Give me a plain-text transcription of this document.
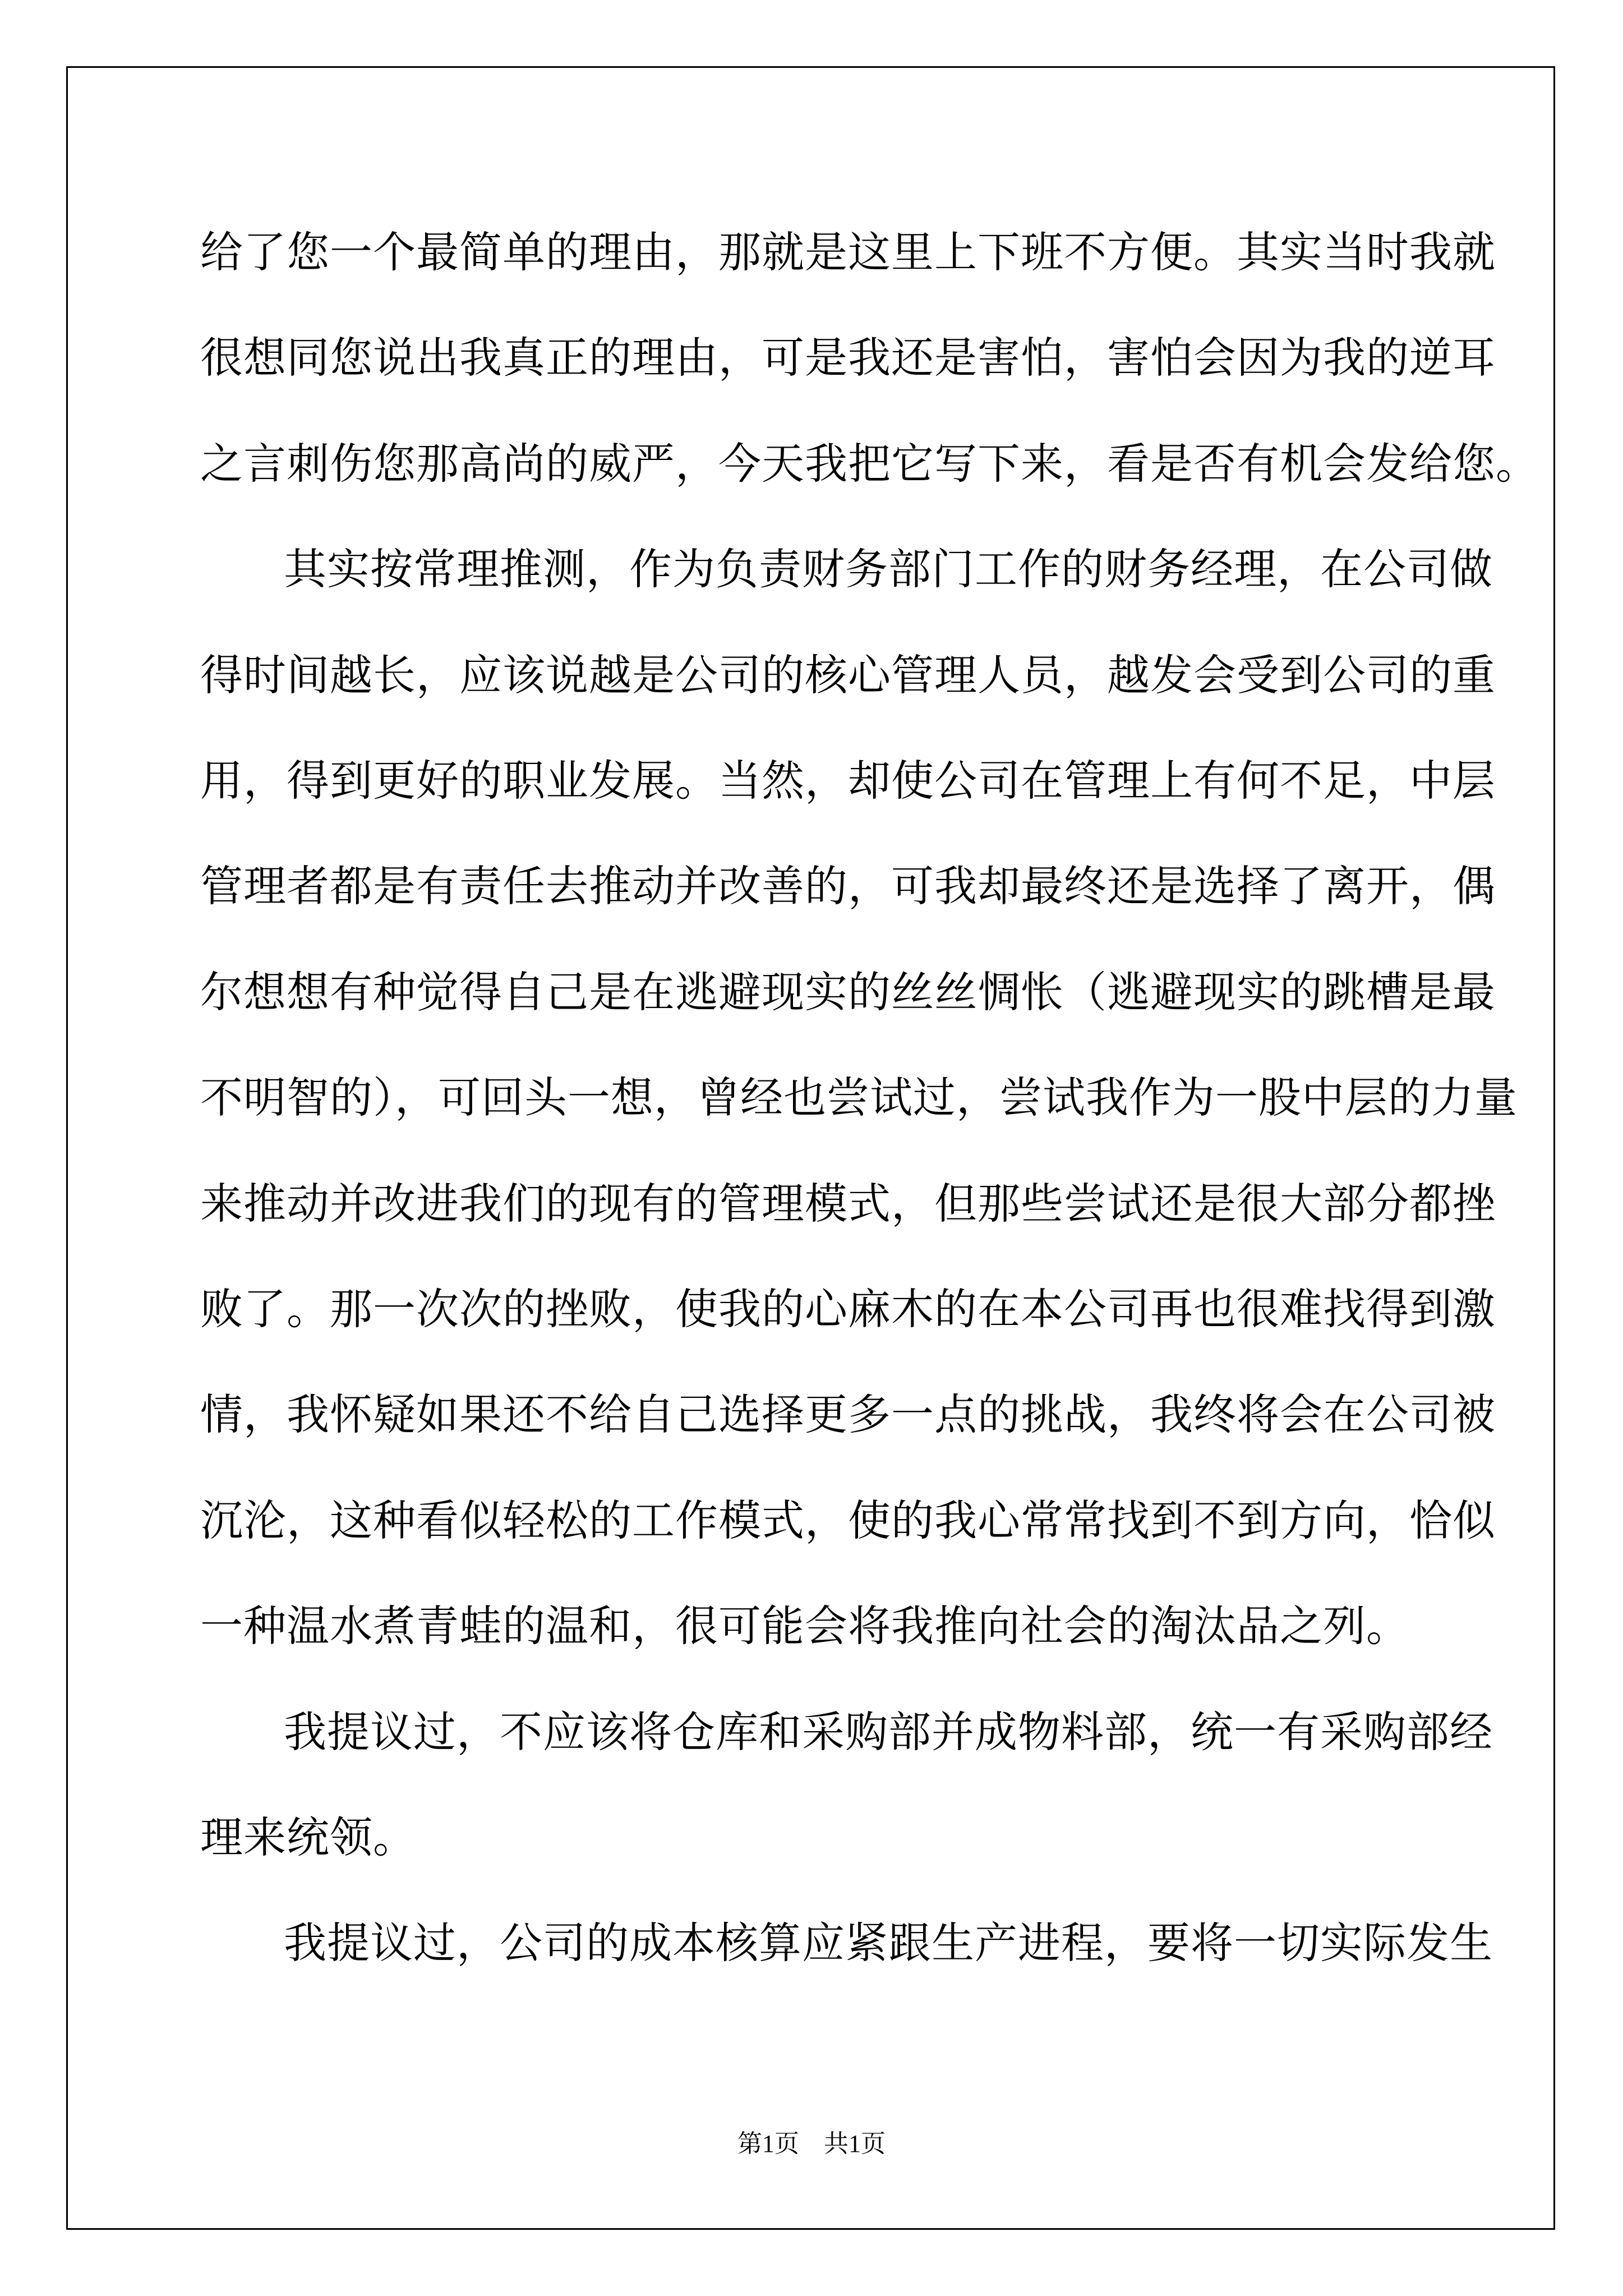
给了您一个最简单的理由，那就是这里上下班不方便。其实当时我就

很想同您说出我真正的理由，可是我还是害怕，害怕会因为我的逆耳

之言刺伤您那高尚的威严，今天我把它写下来，看是否有机会发给您。

其实按常理推测，作为负责财务部门工作的财务经理，在公司做

得时间越长，应该说越是公司的核心管理人员，越发会受到公司的重

用，得到更好的职业发展。当然，却使公司在管理上有何不足，中层

管理者都是有责任去推动并改善的，可我却最终还是选择了离开，偶

尔想想有种觉得自己是在逃避现实的丝丝惆怅（逃避现实的跳槽是最

不明智的），可回头一想，曾经也尝试过，尝试我作为一股中层的力量

来推动并改进我们的现有的管理模式，但那些尝试还是很大部分都挫

败了。那一次次的挫败，使我的心麻木的在本公司再也很难找得到激

情，我怀疑如果还不给自己选择更多一点的挑战，我终将会在公司被

沉沦，这种看似轻松的工作模式，使的我心常常找到不到方向，恰似

一种温水煮青蛙的温和，很可能会将我推向社会的淘汰品之列。

我提议过，不应该将仓库和采购部并成物料部，统一有采购部经

理来统领。

我提议过，公司的成本核算应紧跟生产进程，要将一切实际发生

第1页　共1页
